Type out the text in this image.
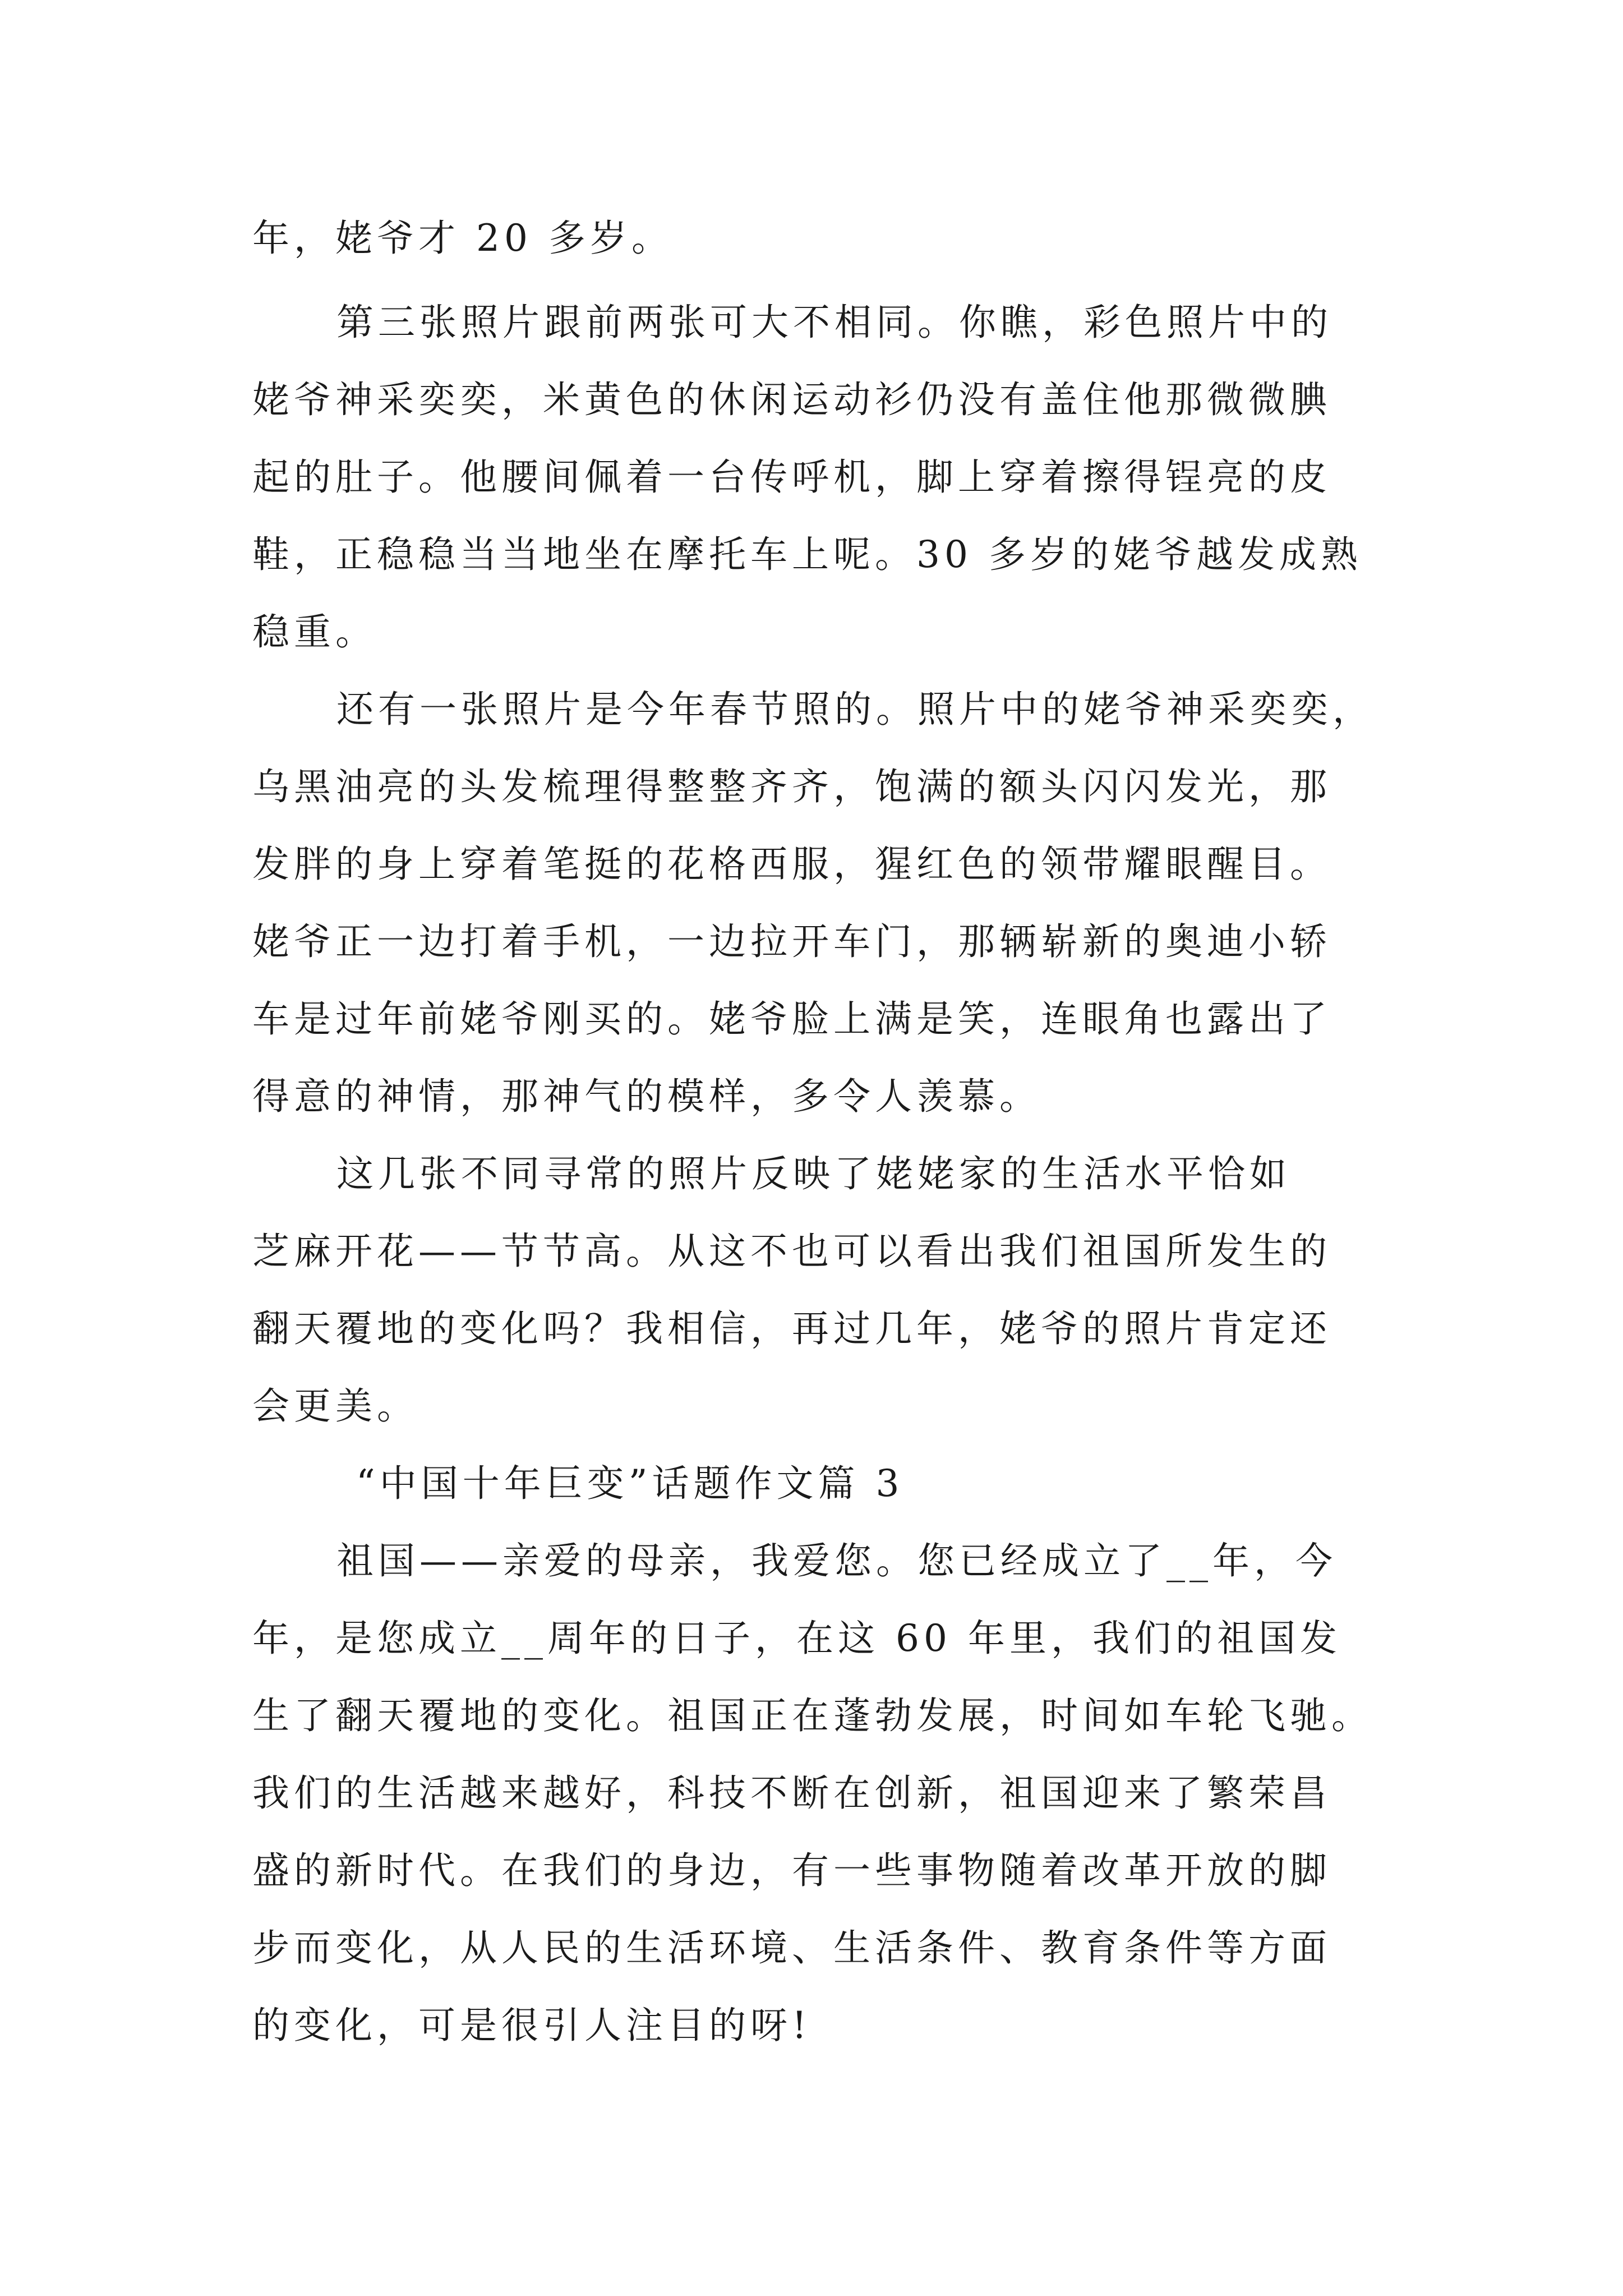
年，姥爷才 20 多岁。
第三张照片跟前两张可大不相同。你瞧，彩色照片中的
姥爷神采奕奕，米黄色的休闲运动衫仍没有盖住他那微微腆
起的肚子。他腰间佩着一台传呼机，脚上穿着擦得锃亮的皮
鞋，正稳稳当当地坐在摩托车上呢。30 多岁的姥爷越发成熟
稳重。
还有一张照片是今年春节照的。照片中的姥爷神采奕奕，
乌黑油亮的头发梳理得整整齐齐，饱满的额头闪闪发光，那
发胖的身上穿着笔挺的花格西服，猩红色的领带耀眼醒目。
姥爷正一边打着手机，一边拉开车门，那辆崭新的奥迪小轿
车是过年前姥爷刚买的。姥爷脸上满是笑，连眼角也露出了
得意的神情，那神气的模样，多令人羡慕。
这几张不同寻常的照片反映了姥姥家的生活水平恰如
芝麻开花——节节高。从这不也可以看出我们祖国所发生的
翻天覆地的变化吗？我相信，再过几年，姥爷的照片肯定还
会更美。
“中国十年巨变”话题作文篇 3
祖国——亲爱的母亲，我爱您。您已经成立了__年，今
年，是您成立__周年的日子，在这 60 年里，我们的祖国发
生了翻天覆地的变化。祖国正在蓬勃发展，时间如车轮飞驰。
我们的生活越来越好，科技不断在创新，祖国迎来了繁荣昌
盛的新时代。在我们的身边，有一些事物随着改革开放的脚
步而变化，从人民的生活环境、生活条件、教育条件等方面
的变化，可是很引人注目的呀!
